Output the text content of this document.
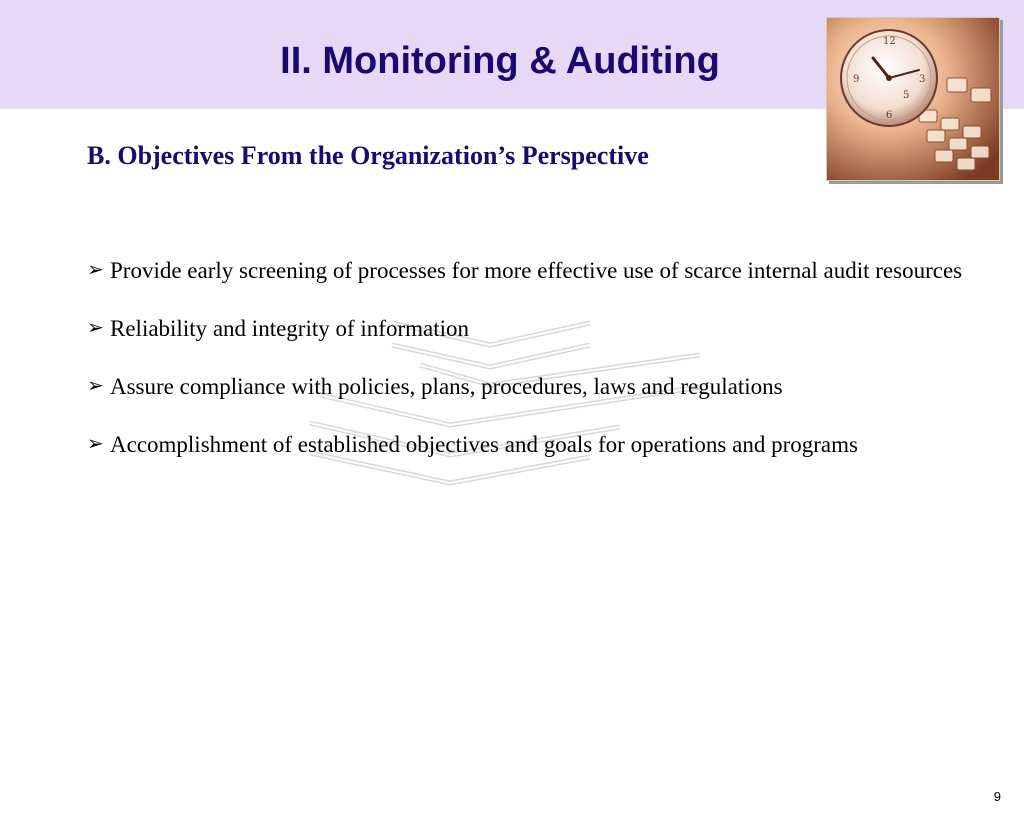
II. Monitoring & Auditing	12
3
6
9
5
B. Objectives From the Organization’s Perspective
➢ Provide early screening of processes for more effective use of scarce internal audit resources
➢ Reliability and integrity of information
➢ Assure compliance with policies, plans, procedures, laws and regulations
➢ Accomplishment of established objectives and goals for operations and programs
9
